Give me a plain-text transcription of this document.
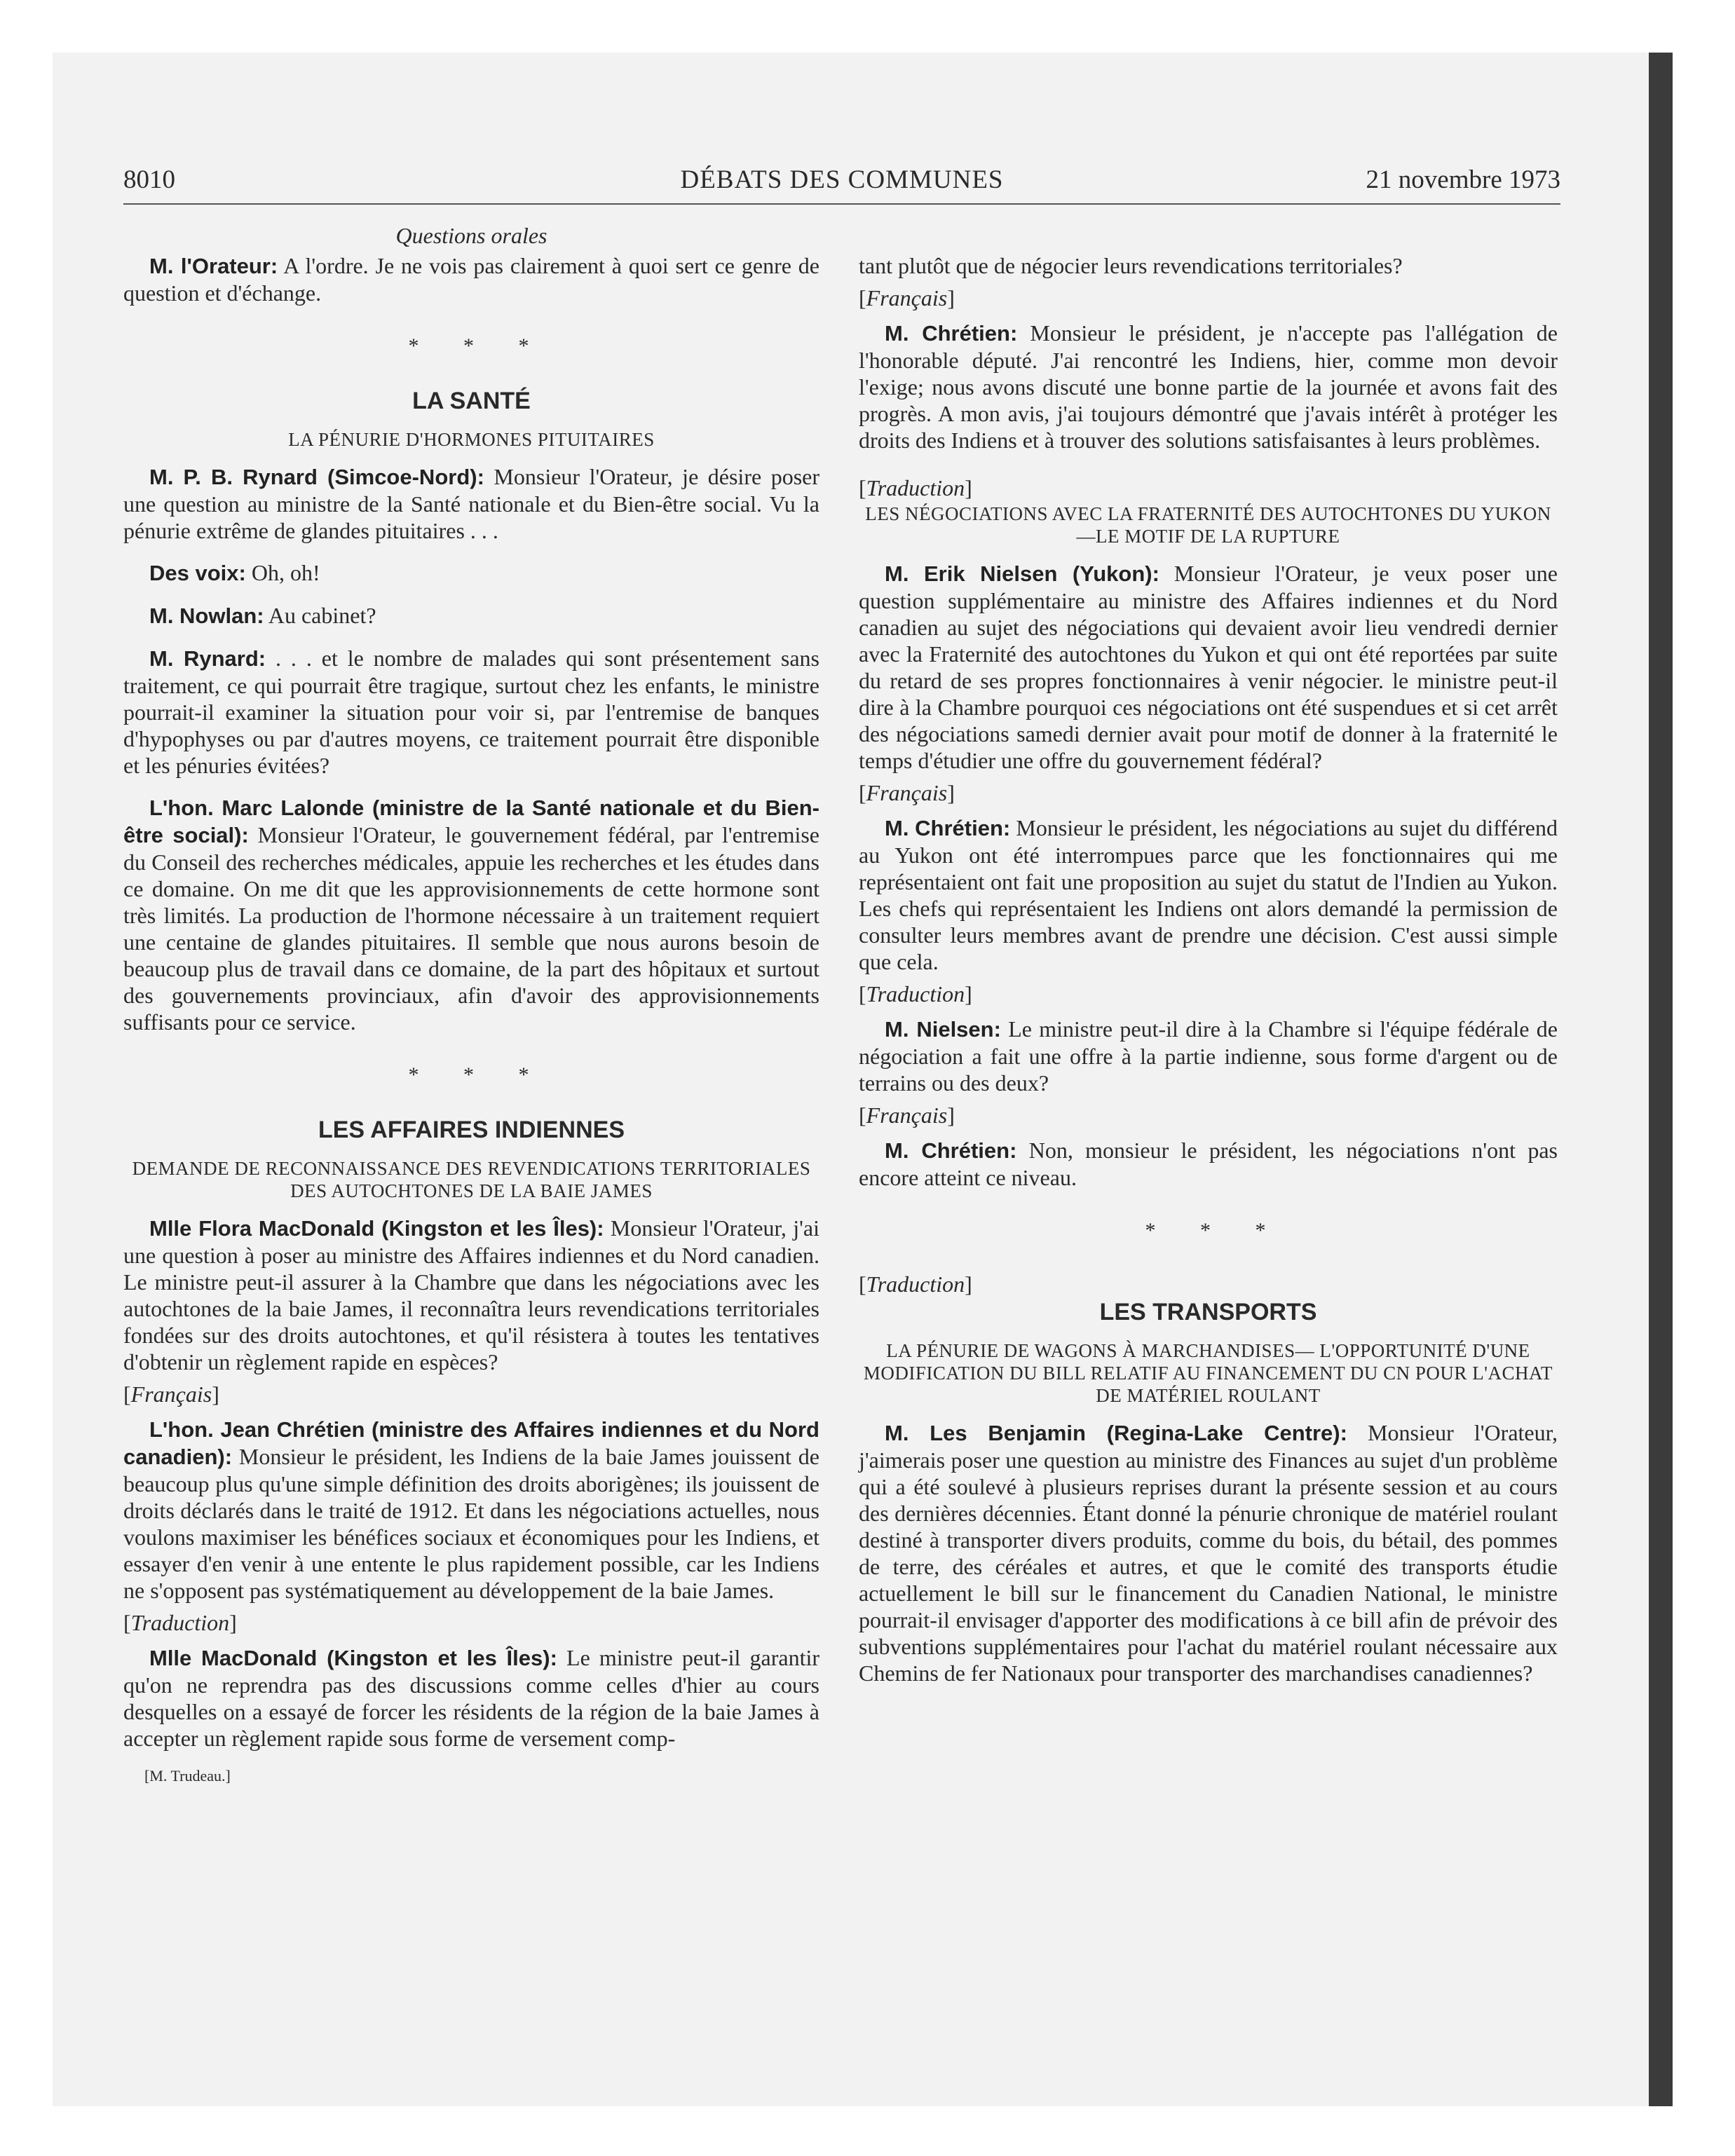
8010	DÉBATS DES COMMUNES	21 novembre 1973
Questions orales

M. l'Orateur: A l'ordre. Je ne vois pas clairement à quoi sert ce genre de question et d'échange.

* * *
LA SANTÉ
LA PÉNURIE D'HORMONES PITUITAIRES

M. P. B. Rynard (Simcoe-Nord): Monsieur l'Orateur, je désire poser une question au ministre de la Santé nationale et du Bien-être social. Vu la pénurie extrême de glandes pituitaires . . .

Des voix: Oh, oh!

M. Nowlan: Au cabinet?

M. Rynard: . . . et le nombre de malades qui sont présentement sans traitement, ce qui pourrait être tragique, surtout chez les enfants, le ministre pourrait-il examiner la situation pour voir si, par l'entremise de banques d'hypophyses ou par d'autres moyens, ce traitement pourrait être disponible et les pénuries évitées?

L'hon. Marc Lalonde (ministre de la Santé nationale et du Bien-être social): Monsieur l'Orateur, le gouvernement fédéral, par l'entremise du Conseil des recherches médicales, appuie les recherches et les études dans ce domaine. On me dit que les approvisionnements de cette hormone sont très limités. La production de l'hormone nécessaire à un traitement requiert une centaine de glandes pituitaires. Il semble que nous aurons besoin de beaucoup plus de travail dans ce domaine, de la part des hôpitaux et surtout des gouvernements provinciaux, afin d'avoir des approvisionnements suffisants pour ce service.

* * *
LES AFFAIRES INDIENNES
DEMANDE DE RECONNAISSANCE DES REVENDICATIONS TERRITORIALES DES AUTOCHTONES DE LA BAIE JAMES

Mlle Flora MacDonald (Kingston et les Îles): Monsieur l'Orateur, j'ai une question à poser au ministre des Affaires indiennes et du Nord canadien. Le ministre peut-il assurer à la Chambre que dans les négociations avec les autochtones de la baie James, il reconnaîtra leurs revendications territoriales fondées sur des droits autochtones, et qu'il résistera à toutes les tentatives d'obtenir un règlement rapide en espèces?

[Français]

L'hon. Jean Chrétien (ministre des Affaires indiennes et du Nord canadien): Monsieur le président, les Indiens de la baie James jouissent de beaucoup plus qu'une simple définition des droits aborigènes; ils jouissent de droits déclarés dans le traité de 1912. Et dans les négociations actuelles, nous voulons maximiser les bénéfices sociaux et économiques pour les Indiens, et essayer d'en venir à une entente le plus rapidement possible, car les Indiens ne s'opposent pas systématiquement au développement de la baie James.

[Traduction]

Mlle MacDonald (Kingston et les Îles): Le ministre peut-il garantir qu'on ne reprendra pas des discussions comme celles d'hier au cours desquelles on a essayé de forcer les résidents de la région de la baie James à accepter un règlement rapide sous forme de versement comp-

[M. Trudeau.]

tant plutôt que de négocier leurs revendications territoriales?

[Français]

M. Chrétien: Monsieur le président, je n'accepte pas l'allégation de l'honorable député. J'ai rencontré les Indiens, hier, comme mon devoir l'exige; nous avons discuté une bonne partie de la journée et avons fait des progrès. A mon avis, j'ai toujours démontré que j'avais intérêt à protéger les droits des Indiens et à trouver des solutions satisfaisantes à leurs problèmes.

[Traduction]
LES NÉGOCIATIONS AVEC LA FRATERNITÉ DES AUTOCHTONES DU YUKON—LE MOTIF DE LA RUPTURE

M. Erik Nielsen (Yukon): Monsieur l'Orateur, je veux poser une question supplémentaire au ministre des Affaires indiennes et du Nord canadien au sujet des négociations qui devaient avoir lieu vendredi dernier avec la Fraternité des autochtones du Yukon et qui ont été reportées par suite du retard de ses propres fonctionnaires à venir négocier. le ministre peut-il dire à la Chambre pourquoi ces négociations ont été suspendues et si cet arrêt des négociations samedi dernier avait pour motif de donner à la fraternité le temps d'étudier une offre du gouvernement fédéral?

[Français]

M. Chrétien: Monsieur le président, les négociations au sujet du différend au Yukon ont été interrompues parce que les fonctionnaires qui me représentaient ont fait une proposition au sujet du statut de l'Indien au Yukon. Les chefs qui représentaient les Indiens ont alors demandé la permission de consulter leurs membres avant de prendre une décision. C'est aussi simple que cela.

[Traduction]

M. Nielsen: Le ministre peut-il dire à la Chambre si l'équipe fédérale de négociation a fait une offre à la partie indienne, sous forme d'argent ou de terrains ou des deux?

[Français]

M. Chrétien: Non, monsieur le président, les négociations n'ont pas encore atteint ce niveau.

* * *
[Traduction]
LES TRANSPORTS
LA PÉNURIE DE WAGONS À MARCHANDISES— L'OPPORTUNITÉ D'UNE MODIFICATION DU BILL RELATIF AU FINANCEMENT DU CN POUR L'ACHAT DE MATÉRIEL ROULANT

M. Les Benjamin (Regina-Lake Centre): Monsieur l'Orateur, j'aimerais poser une question au ministre des Finances au sujet d'un problème qui a été soulevé à plusieurs reprises durant la présente session et au cours des dernières décennies. Étant donné la pénurie chronique de matériel roulant destiné à transporter divers produits, comme du bois, du bétail, des pommes de terre, des céréales et autres, et que le comité des transports étudie actuellement le bill sur le financement du Canadien National, le ministre pourrait-il envisager d'apporter des modifications à ce bill afin de prévoir des subventions supplémentaires pour l'achat du matériel roulant nécessaire aux Chemins de fer Nationaux pour transporter des marchandises canadiennes?
